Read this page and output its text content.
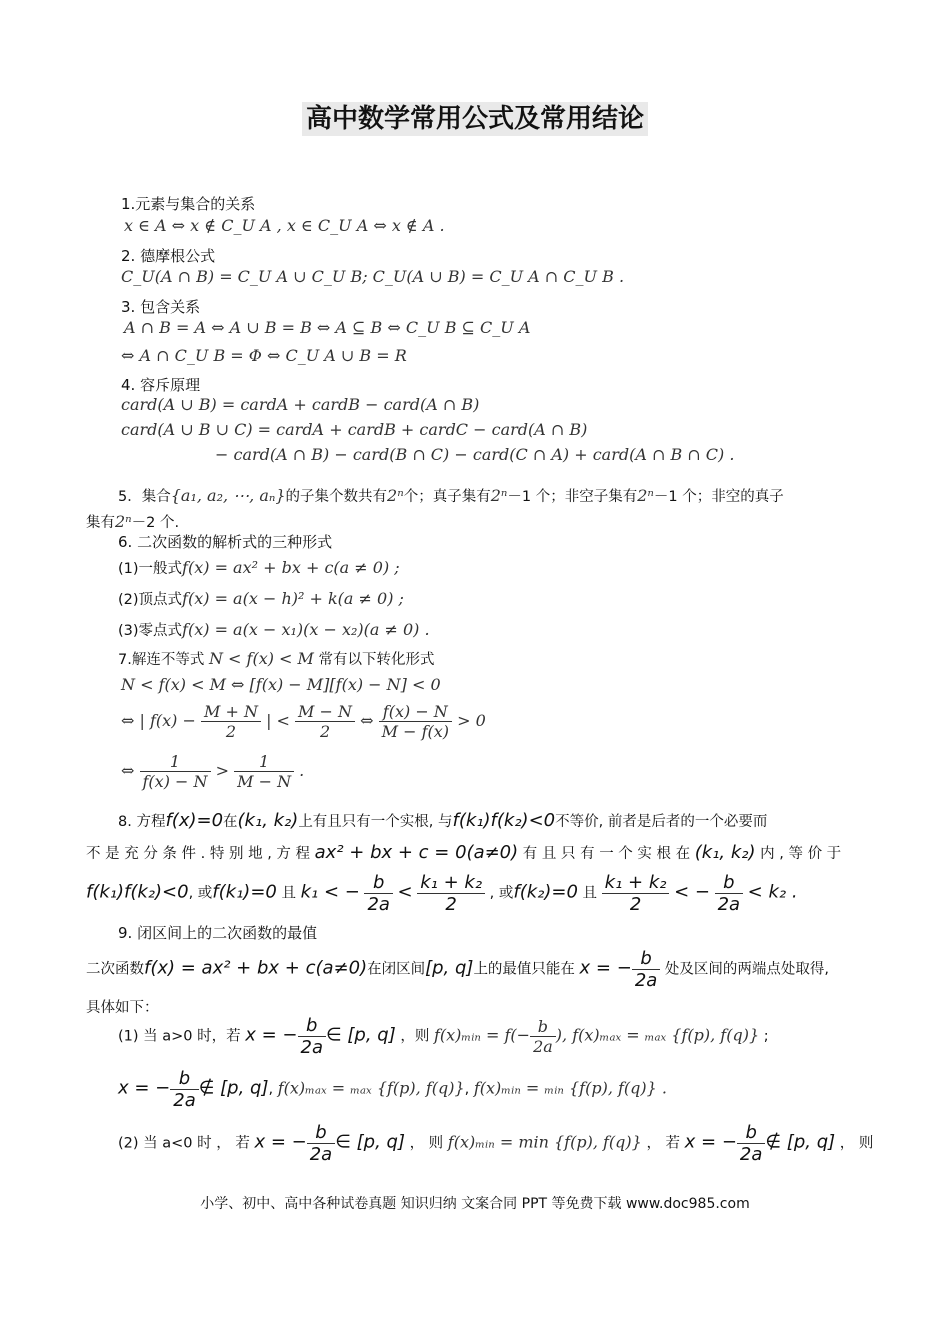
高中数学常用公式及常用结论
1.元素与集合的关系
x ∈ A ⇔ x ∉ C_U A , x ∈ C_U A ⇔ x ∉ A .
2. 德摩根公式
C_U(A ∩ B) = C_U A ∪ C_U B; C_U(A ∪ B) = C_U A ∩ C_U B .
3. 包含关系
A ∩ B = A ⇔ A ∪ B = B ⇔ A ⊆ B ⇔ C_U B ⊆ C_U A
⇔ A ∩ C_U B = Φ ⇔ C_U A ∪ B = R
4. 容斥原理
card(A ∪ B) = cardA + cardB − card(A ∩ B)
card(A ∪ B ∪ C) = cardA + cardB + cardC − card(A ∩ B)
− card(A ∩ B) − card(B ∩ C) − card(C ∩ A) + card(A ∩ B ∩ C) .
5．集合{a₁, a₂, ⋯, aₙ}的子集个数共有2ⁿ个；真子集有2ⁿ－1 个；非空子集有2ⁿ－1 个；非空的真子
集有2ⁿ－2 个.
6. 二次函数的解析式的三种形式
(1)一般式f(x) = ax² + bx + c(a ≠ 0) ;
(2)顶点式f(x) = a(x − h)² + k(a ≠ 0) ;
(3)零点式f(x) = a(x − x₁)(x − x₂)(a ≠ 0) .
7.解连不等式 N < f(x) < M 常有以下转化形式
N < f(x) < M ⇔ [f(x) − M][f(x) − N] < 0
⇔ | $f(x) - \frac{M + N}{2}$ | < $\frac{M - N}{2}$ ⇔ $\frac{f(x) - N}{M - f(x)} > 0$
⇔ $\frac{1}{f(x) - N} > \frac{1}{M - N}$ .
8. 方程f(x)=0在(k₁, k₂)上有且只有一个实根, 与f(k₁)f(k₂)<0不等价, 前者是后者的一个必要而
不 是 充 分 条 件 . 特 别 地 , 方 程 ax² + bx + c = 0(a≠0) 有 且 只 有 一 个 实 根 在 (k₁, k₂) 内 , 等 价 于
f(k₁)f(k₂)<0, 或f(k₁)=0 且 k₁ < − $\frac{b}{2a} < \frac{\text{k₁ + k₂}}{2}$ , 或f(k₂)=0 且 $\frac{\text{k₁ + k₂}}{2}$ < − $\frac{b}{2a} < k_2$ .
9. 闭区间上的二次函数的最值
二次函数f(x) = ax² + bx + c(a≠0)在闭区间[p, q]上的最值只能在 x = − $\frac{b}{2a}$ 处及区间的两端点处取得,
具体如下：
(1) 当 a>0 时，若 x = − $\frac{b}{2a}$ ∈ [p, q] ，则 f(x)ₘᵢₙ = $f(- \frac{b}{2a}$ ), f(x)ₘₐₓ = ₘₐₓ {f(p), f(q)} ;
x = − $\frac{b}{2a}$ ∉ [p, q], f(x)ₘₐₓ = ₘₐₓ {f(p), f(q)}, f(x)ₘᵢₙ = ₘᵢₙ {f(p), f(q)} .
(2) 当 a<0 时 ， 若 x = − $\frac{b}{2a}$ ∈ [p, q] ， 则 f(x)ₘᵢₙ = min {f(p), f(q)} ， 若 x = − $\frac{b}{2a}$ ∉ [p, q] ， 则
小学、初中、高中各种试卷真题 知识归纳 文案合同 PPT 等免费下载 www.doc985.com
